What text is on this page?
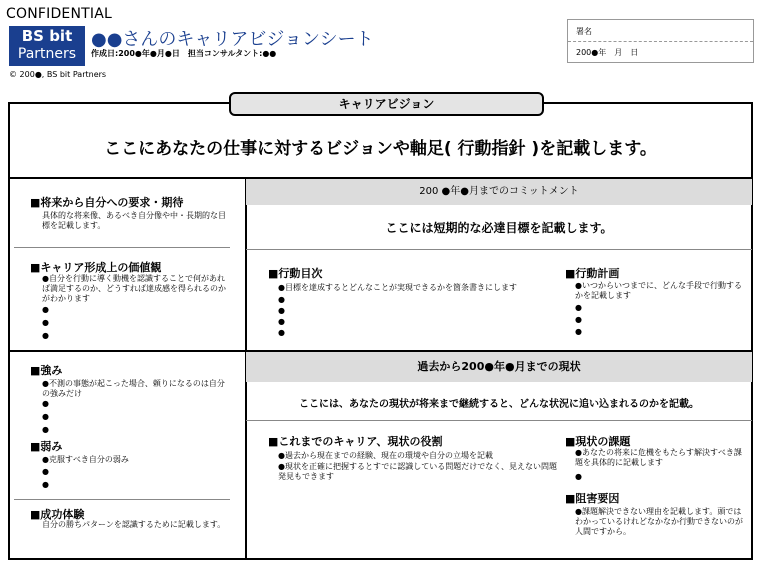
CONFIDENTIAL
BS bit
Partners
●●さんのキャリアビジョンシート
作成日:200●年●月●日　担当コンサルタント:●●
© 200●, BS bit Partners
署名
200●年　月　日
キャリアビジョン
ここにあなたの仕事に対するビジョンや軸足( 行動指針 )を記載します。
■将来から自分への要求・期待
具体的な将来像、あるべき自分像や中・長期的な目標を記載します。
■キャリア形成上の価値観
●自分を行動に導く動機を認識することで何があれば満足するのか、どうすれば達成感を得られるのかがわかります
●
●
●
■強み
●不測の事態が起こった場合、頼りになるのは自分の強みだけ
●
●
●
■弱み
●克服すべき自分の弱み
●
●
■成功体験
自分の勝ちパターンを認識するために記載します。
200 ●年●月までのコミットメント
ここには短期的な必達目標を記載します。
■行動目次
●目標を達成するとどんなことが実現できるかを箇条書きにします
●
●
●
●
■行動計画
●いつからいつまでに、どんな手段で行動するかを記載します
●
●
●
過去から200●年●月までの現状
ここには、あなたの現状が将来まで継続すると、どんな状況に追い込まれるのかを記載。
■これまでのキャリア、現状の役割
●過去から現在までの経験、現在の環境や自分の立場を記載
●現状を正確に把握するとすでに認識している問題だけでなく、見えない問題発見もできます
■現状の課題
●あなたの将来に危機をもたらす解決すべき課題を具体的に記載します
●
■阻害要因
●課題解決できない理由を記載します。頭ではわかっているけれどなかなか行動できないのが人間ですから。
